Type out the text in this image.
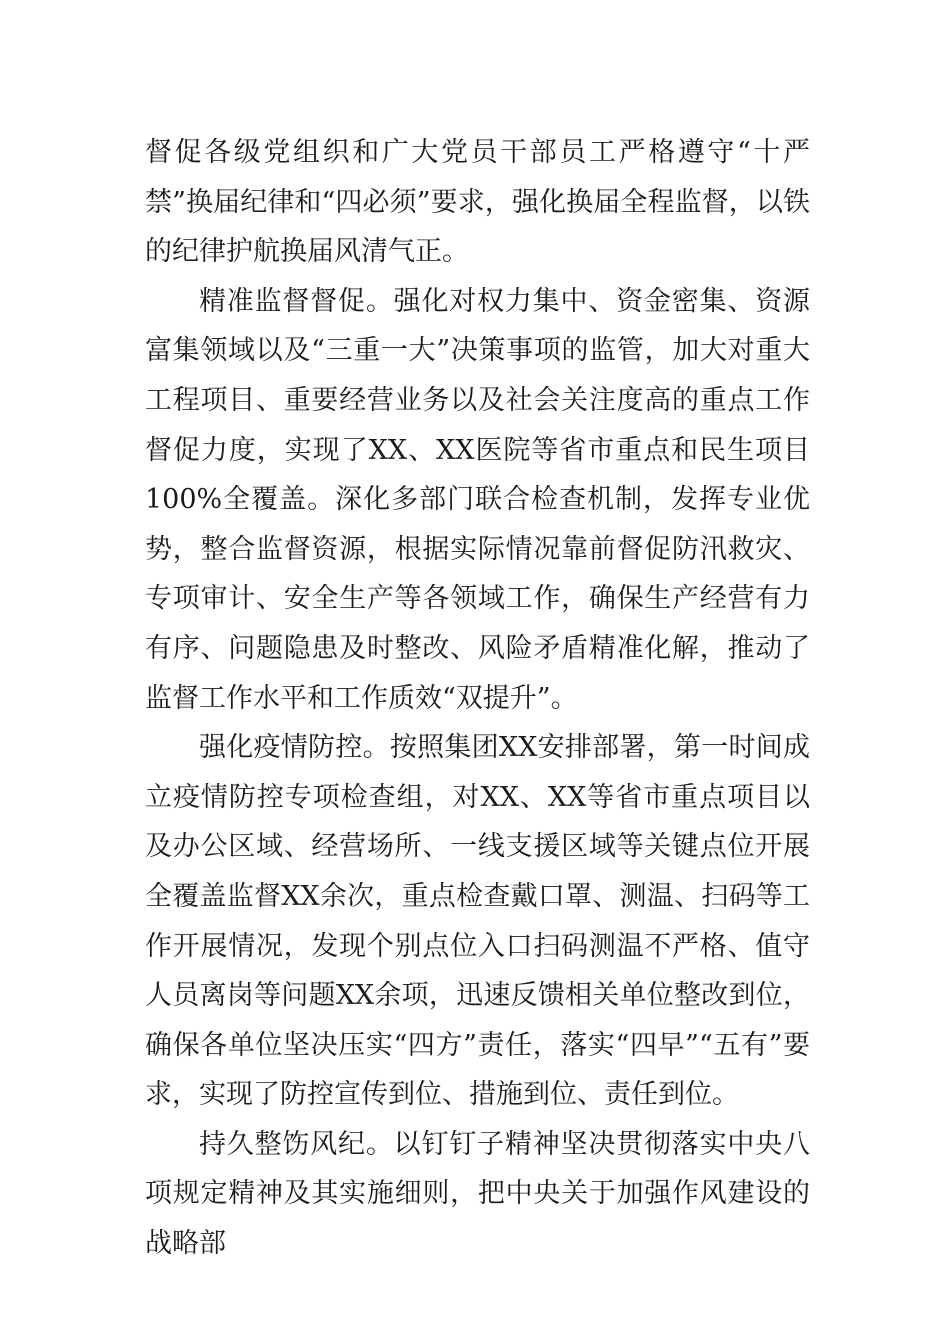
督促各级党组织和广大党员干部员工严格遵守“十严禁”换届纪律和“四必须”要求，强化换届全程监督，以铁的纪律护航换届风清气正。

精准监督督促。强化对权力集中、资金密集、资源富集领域以及“三重一大”决策事项的监管，加大对重大工程项目、重要经营业务以及社会关注度高的重点工作督促力度，实现了XX、XX医院等省市重点和民生项目100%全覆盖。深化多部门联合检查机制，发挥专业优势，整合监督资源，根据实际情况靠前督促防汛救灾、专项审计、安全生产等各领域工作，确保生产经营有力有序、问题隐患及时整改、风险矛盾精准化解，推动了监督工作水平和工作质效“双提升”。

强化疫情防控。按照集团XX安排部署，第一时间成立疫情防控专项检查组，对XX、XX等省市重点项目以及办公区域、经营场所、一线支援区域等关键点位开展全覆盖监督XX余次，重点检查戴口罩、测温、扫码等工作开展情况，发现个别点位入口扫码测温不严格、值守人员离岗等问题XX余项，迅速反馈相关单位整改到位，确保各单位坚决压实“四方”责任，落实“四早”“五有”要求，实现了防控宣传到位、措施到位、责任到位。

持久整饬风纪。以钉钉子精神坚决贯彻落实中央八项规定精神及其实施细则，把中央关于加强作风建设的战略部
